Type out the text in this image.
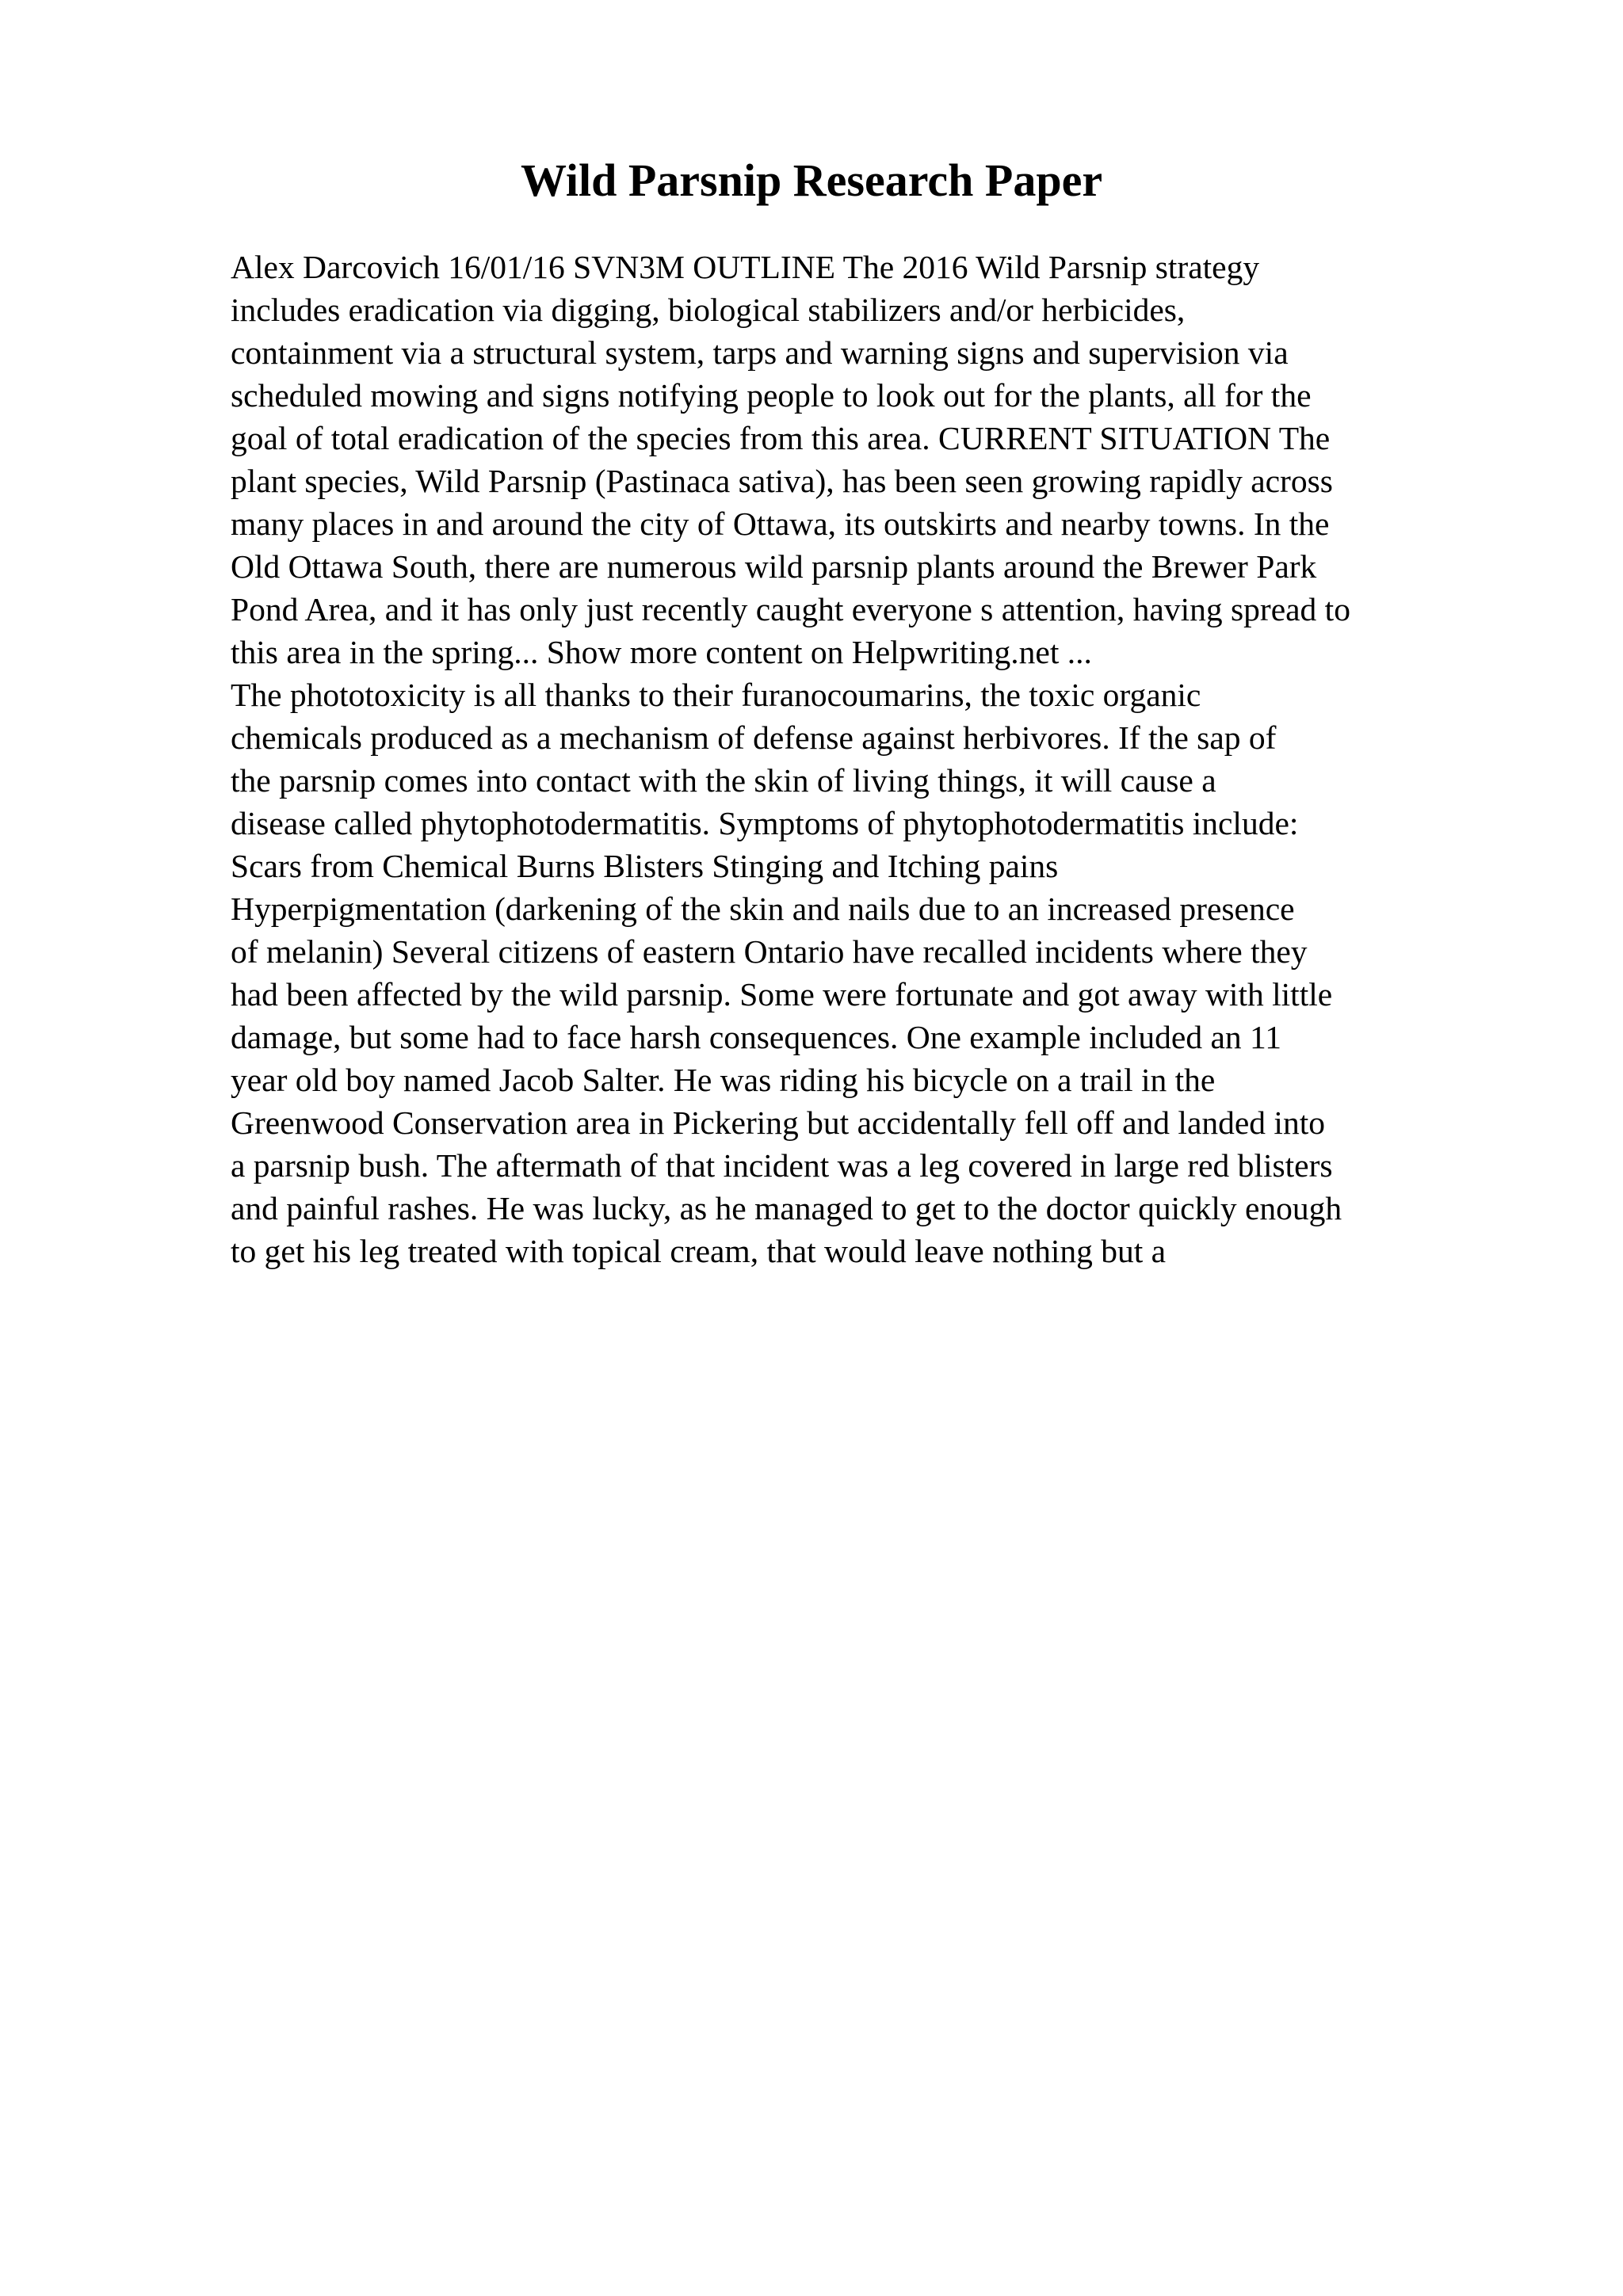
Wild Parsnip Research Paper
Alex Darcovich 16/01/16 SVN3M OUTLINE The 2016 Wild Parsnip strategy
includes eradication via digging, biological stabilizers and/or herbicides,
containment via a structural system, tarps and warning signs and supervision via
scheduled mowing and signs notifying people to look out for the plants, all for the
goal of total eradication of the species from this area. CURRENT SITUATION The
plant species, Wild Parsnip (Pastinaca sativa), has been seen growing rapidly across
many places in and around the city of Ottawa, its outskirts and nearby towns. In the
Old Ottawa South, there are numerous wild parsnip plants around the Brewer Park
Pond Area, and it has only just recently caught everyone s attention, having spread to
this area in the spring... Show more content on Helpwriting.net ...
The phototoxicity is all thanks to their furanocoumarins, the toxic organic
chemicals produced as a mechanism of defense against herbivores. If the sap of
the parsnip comes into contact with the skin of living things, it will cause a
disease called phytophotodermatitis. Symptoms of phytophotodermatitis include:
Scars from Chemical Burns Blisters Stinging and Itching pains
Hyperpigmentation (darkening of the skin and nails due to an increased presence
of melanin) Several citizens of eastern Ontario have recalled incidents where they
had been affected by the wild parsnip. Some were fortunate and got away with little
damage, but some had to face harsh consequences. One example included an 11
year old boy named Jacob Salter. He was riding his bicycle on a trail in the
Greenwood Conservation area in Pickering but accidentally fell off and landed into
a parsnip bush. The aftermath of that incident was a leg covered in large red blisters
and painful rashes. He was lucky, as he managed to get to the doctor quickly enough
to get his leg treated with topical cream, that would leave nothing but a
